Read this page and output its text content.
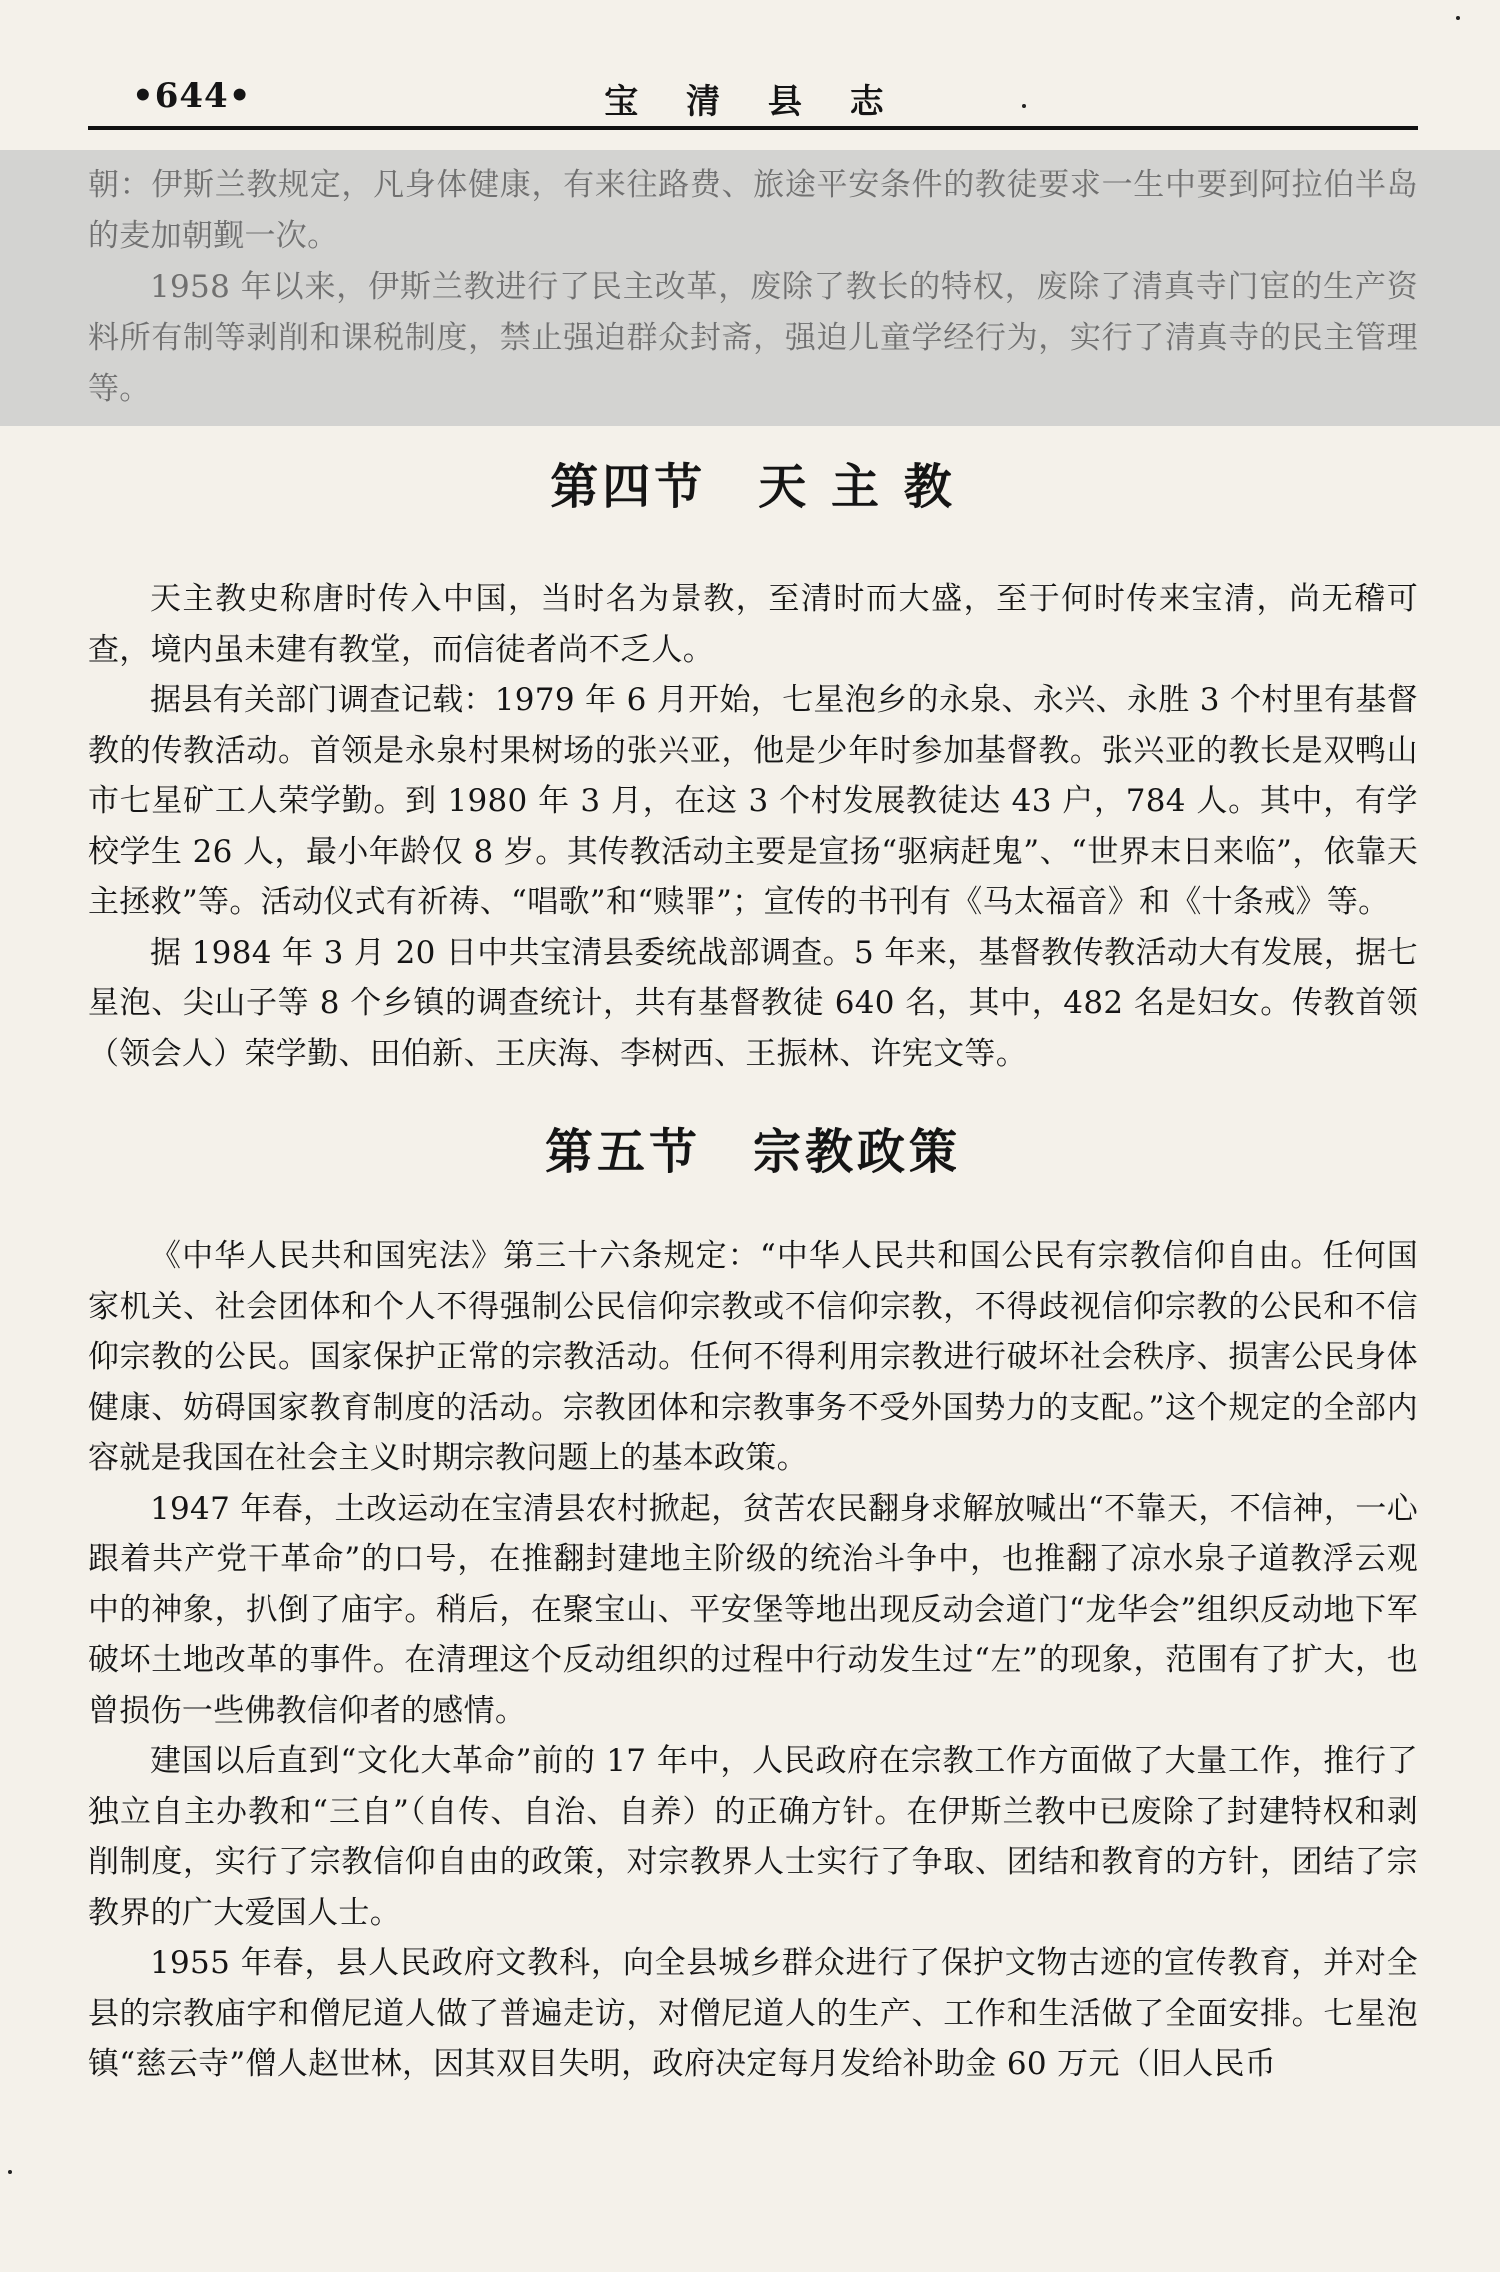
•644•	宝 清 县 志

朝：伊斯兰教规定，凡身体健康，有来往路费、旅途平安条件的教徒要求一生中要到阿拉伯半岛的麦加朝觐一次。

1958 年以来，伊斯兰教进行了民主改革，废除了教长的特权，废除了清真寺门宦的生产资料所有制等剥削和课税制度，禁止强迫群众封斋，强迫儿童学经行为，实行了清真寺的民主管理等。

第四节 天 主 教

天主教史称唐时传入中国，当时名为景教，至清时而大盛，至于何时传来宝清，尚无稽可查，境内虽未建有教堂，而信徒者尚不乏人。

据县有关部门调查记载：1979 年 6 月开始，七星泡乡的永泉、永兴、永胜 3 个村里有基督教的传教活动。首领是永泉村果树场的张兴亚，他是少年时参加基督教。张兴亚的教长是双鸭山市七星矿工人荣学勤。到 1980 年 3 月，在这 3 个村发展教徒达 43 户，784 人。其中，有学校学生 26 人，最小年龄仅 8 岁。其传教活动主要是宣扬“驱病赶鬼”、“世界末日来临”，依靠天主拯救”等。活动仪式有祈祷、“唱歌”和“赎罪”；宣传的书刊有《马太福音》和《十条戒》等。

据 1984 年 3 月 20 日中共宝清县委统战部调查。5 年来，基督教传教活动大有发展，据七星泡、尖山子等 8 个乡镇的调查统计，共有基督教徒 640 名，其中，482 名是妇女。传教首领（领会人）荣学勤、田伯新、王庆海、李树西、王振林、许宪文等。

第五节 宗教政策

《中华人民共和国宪法》第三十六条规定：“中华人民共和国公民有宗教信仰自由。任何国家机关、社会团体和个人不得强制公民信仰宗教或不信仰宗教，不得歧视信仰宗教的公民和不信仰宗教的公民。国家保护正常的宗教活动。任何不得利用宗教进行破坏社会秩序、损害公民身体健康、妨碍国家教育制度的活动。宗教团体和宗教事务不受外国势力的支配。”这个规定的全部内容就是我国在社会主义时期宗教问题上的基本政策。

1947 年春，土改运动在宝清县农村掀起，贫苦农民翻身求解放喊出“不靠天，不信神，一心跟着共产党干革命”的口号，在推翻封建地主阶级的统治斗争中，也推翻了凉水泉子道教浮云观中的神象，扒倒了庙宇。稍后，在聚宝山、平安堡等地出现反动会道门“龙华会”组织反动地下军破坏土地改革的事件。在清理这个反动组织的过程中行动发生过“左”的现象，范围有了扩大，也曾损伤一些佛教信仰者的感情。

建国以后直到“文化大革命”前的 17 年中，人民政府在宗教工作方面做了大量工作，推行了独立自主办教和“三自”（自传、自治、自养）的正确方针。在伊斯兰教中已废除了封建特权和剥削制度，实行了宗教信仰自由的政策，对宗教界人士实行了争取、团结和教育的方针，团结了宗教界的广大爱国人士。

1955 年春，县人民政府文教科，向全县城乡群众进行了保护文物古迹的宣传教育，并对全县的宗教庙宇和僧尼道人做了普遍走访，对僧尼道人的生产、工作和生活做了全面安排。七星泡镇“慈云寺”僧人赵世林，因其双目失明，政府决定每月发给补助金 60 万元（旧人民币
